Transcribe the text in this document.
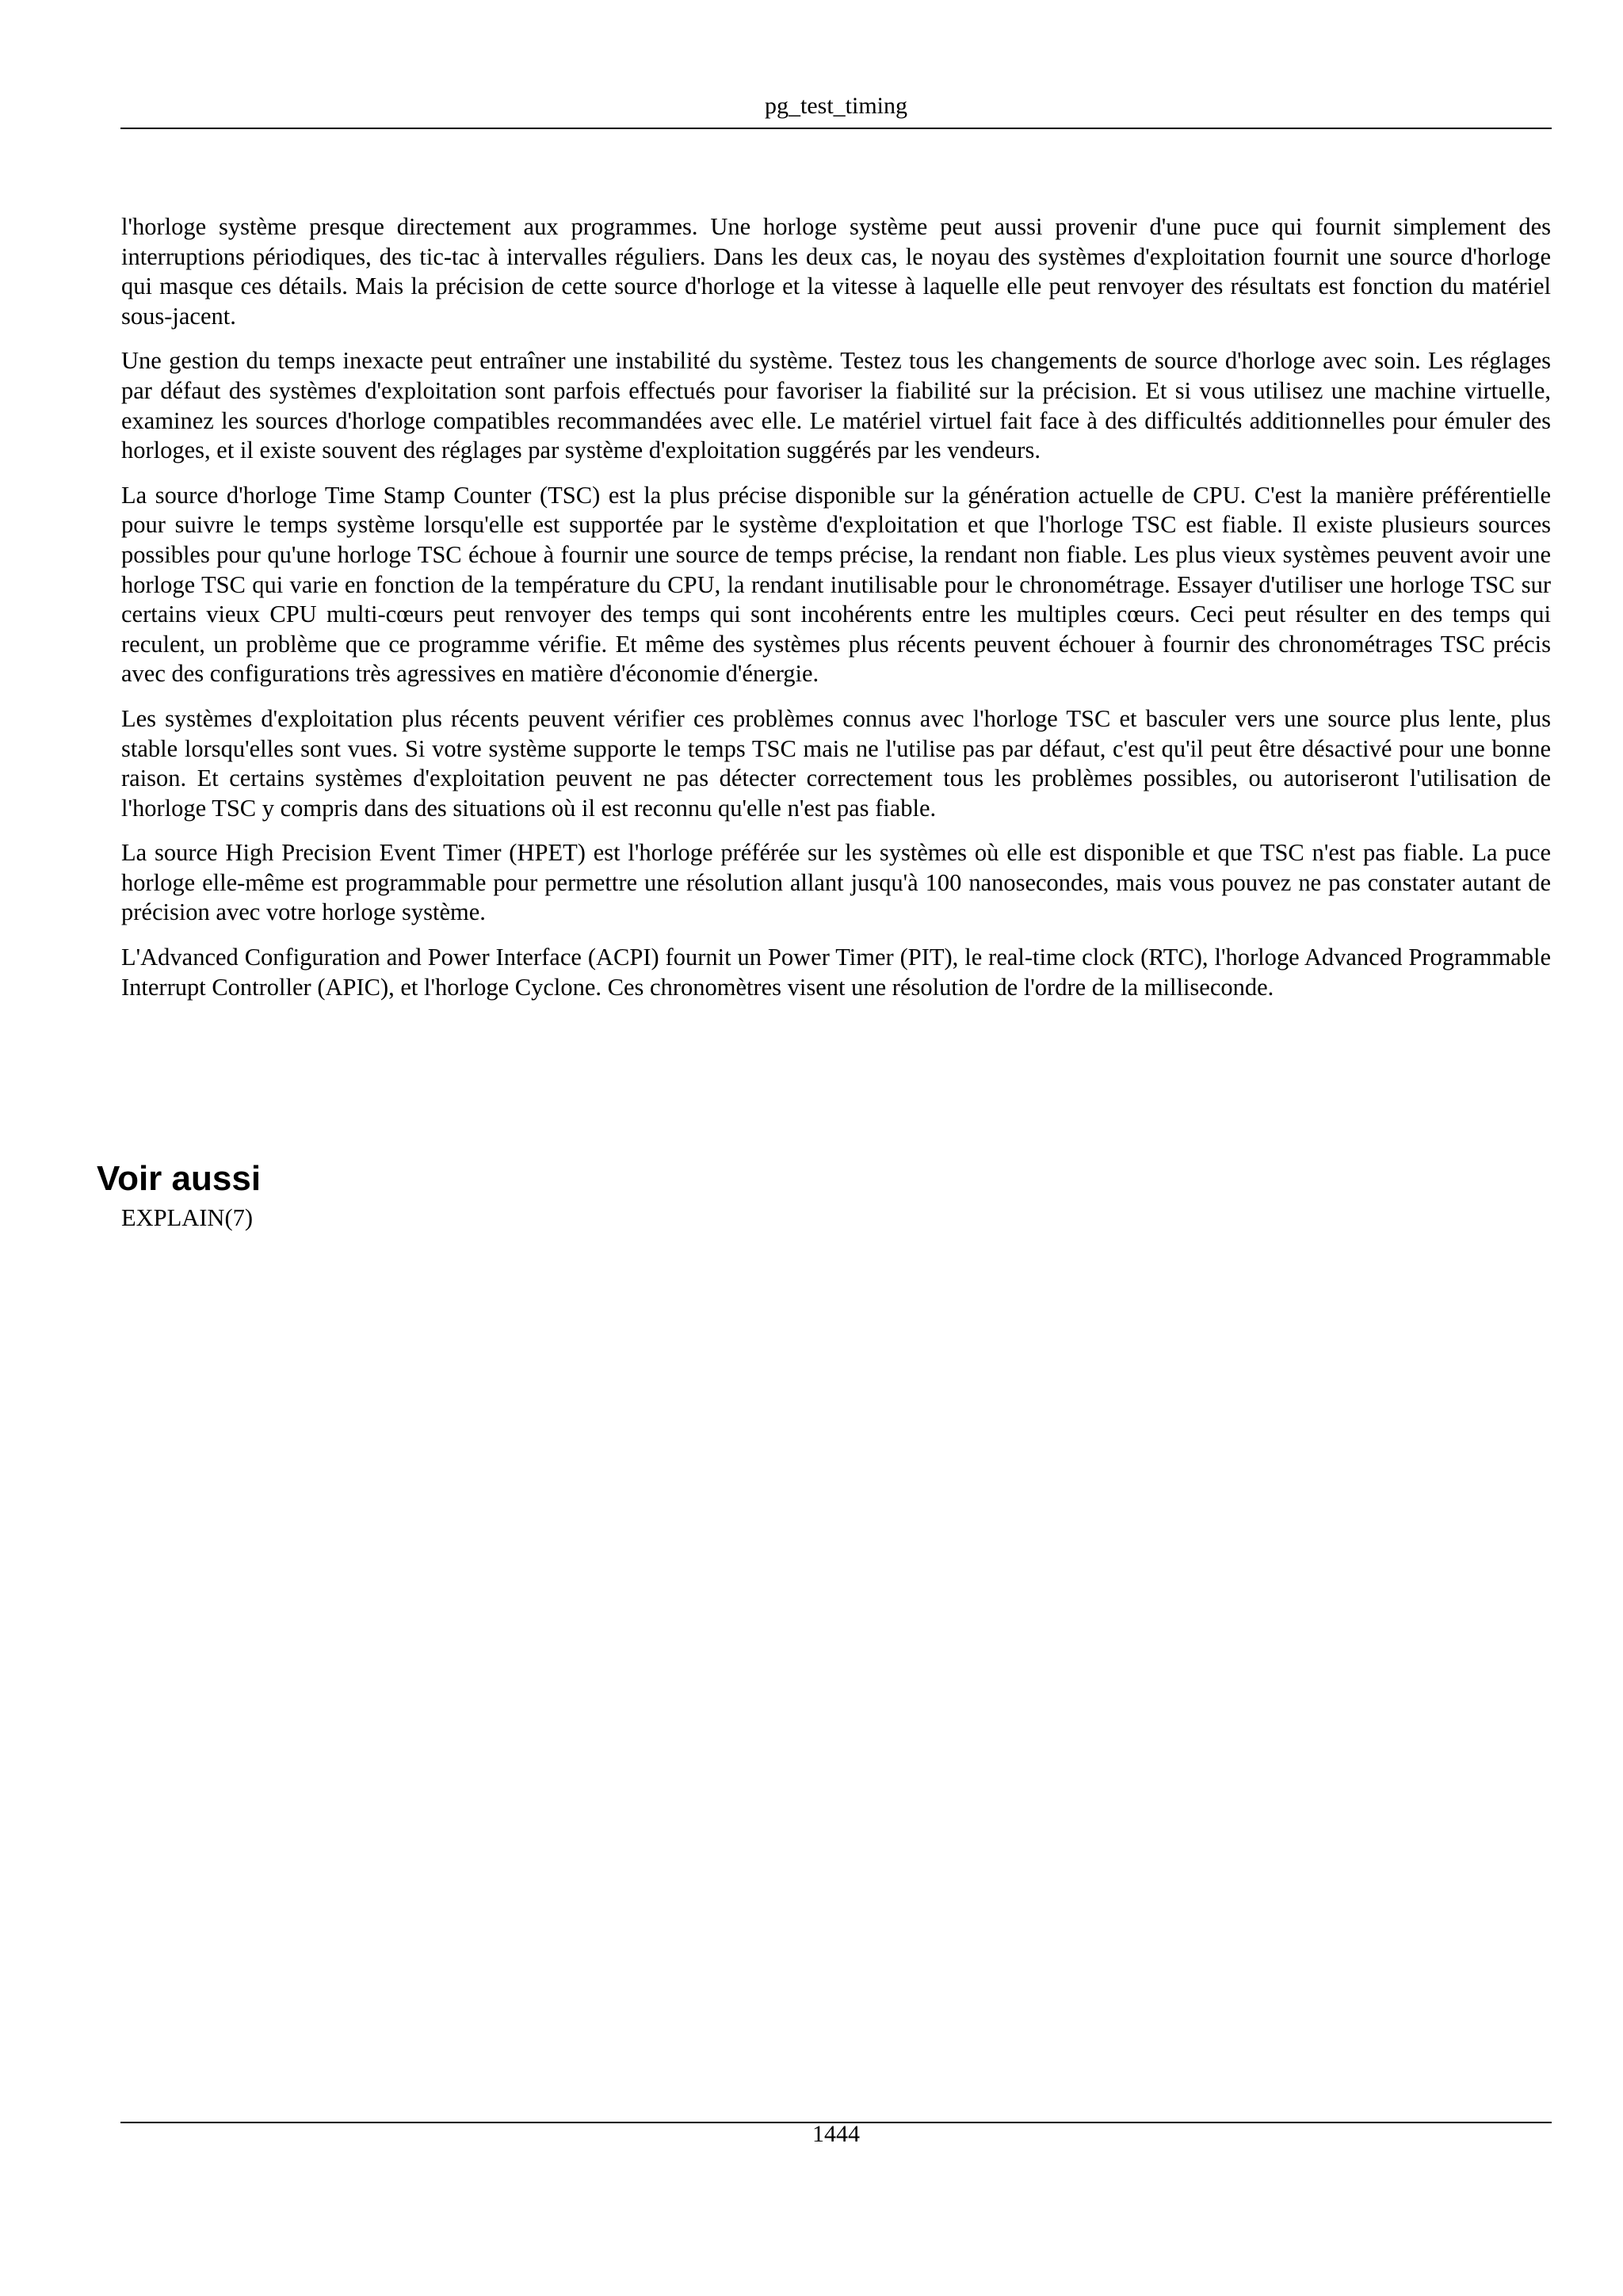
pg_test_timing

l'horloge système presque directement aux programmes. Une horloge système peut aussi provenir d'une puce qui fournit simplement des interruptions périodiques, des tic-tac à intervalles réguliers. Dans les deux cas, le noyau des systèmes d'exploitation fournit une source d'horloge qui masque ces détails. Mais la précision de cette source d'horloge et la vitesse à laquelle elle peut renvoyer des résultats est fonction du matériel sous-jacent.

Une gestion du temps inexacte peut entraîner une instabilité du système. Testez tous les changements de source d'horloge avec soin. Les réglages par défaut des systèmes d'exploitation sont parfois effectués pour favoriser la fiabilité sur la précision. Et si vous utilisez une machine virtuelle, examinez les sources d'horloge compatibles recommandées avec elle. Le matériel virtuel fait face à des difficultés additionnelles pour émuler des horloges, et il existe souvent des réglages par système d'exploitation suggérés par les vendeurs.

La source d'horloge Time Stamp Counter (TSC) est la plus précise disponible sur la génération actuelle de CPU. C'est la manière préférentielle pour suivre le temps système lorsqu'elle est supportée par le système d'exploitation et que l'horloge TSC est fiable. Il existe plusieurs sources possibles pour qu'une horloge TSC échoue à fournir une source de temps précise, la rendant non fiable. Les plus vieux systèmes peuvent avoir une horloge TSC qui varie en fonction de la température du CPU, la rendant inutilisable pour le chronométrage. Essayer d'utiliser une horloge TSC sur certains vieux CPU multi-cœurs peut renvoyer des temps qui sont incohérents entre les multiples cœurs. Ceci peut résulter en des temps qui reculent, un problème que ce programme vérifie. Et même des systèmes plus récents peuvent échouer à fournir des chronométrages TSC précis avec des configurations très agressives en matière d'économie d'énergie.

Les systèmes d'exploitation plus récents peuvent vérifier ces problèmes connus avec l'horloge TSC et basculer vers une source plus lente, plus stable lorsqu'elles sont vues. Si votre système supporte le temps TSC mais ne l'utilise pas par défaut, c'est qu'il peut être désactivé pour une bonne raison. Et certains systèmes d'exploitation peuvent ne pas détecter correctement tous les problèmes possibles, ou autoriseront l'utilisation de l'horloge TSC y compris dans des situations où il est reconnu qu'elle n'est pas fiable.

La source High Precision Event Timer (HPET) est l'horloge préférée sur les systèmes où elle est disponible et que TSC n'est pas fiable. La puce horloge elle-même est programmable pour permettre une résolution allant jusqu'à 100 nanosecondes, mais vous pouvez ne pas constater autant de précision avec votre horloge système.

L'Advanced Configuration and Power Interface (ACPI) fournit un Power Timer (PIT), le real-time clock (RTC), l'horloge Advanced Programmable Interrupt Controller (APIC), et l'horloge Cyclone. Ces chronomètres visent une résolution de l'ordre de la milliseconde.

Voir aussi

EXPLAIN(7)

1444
